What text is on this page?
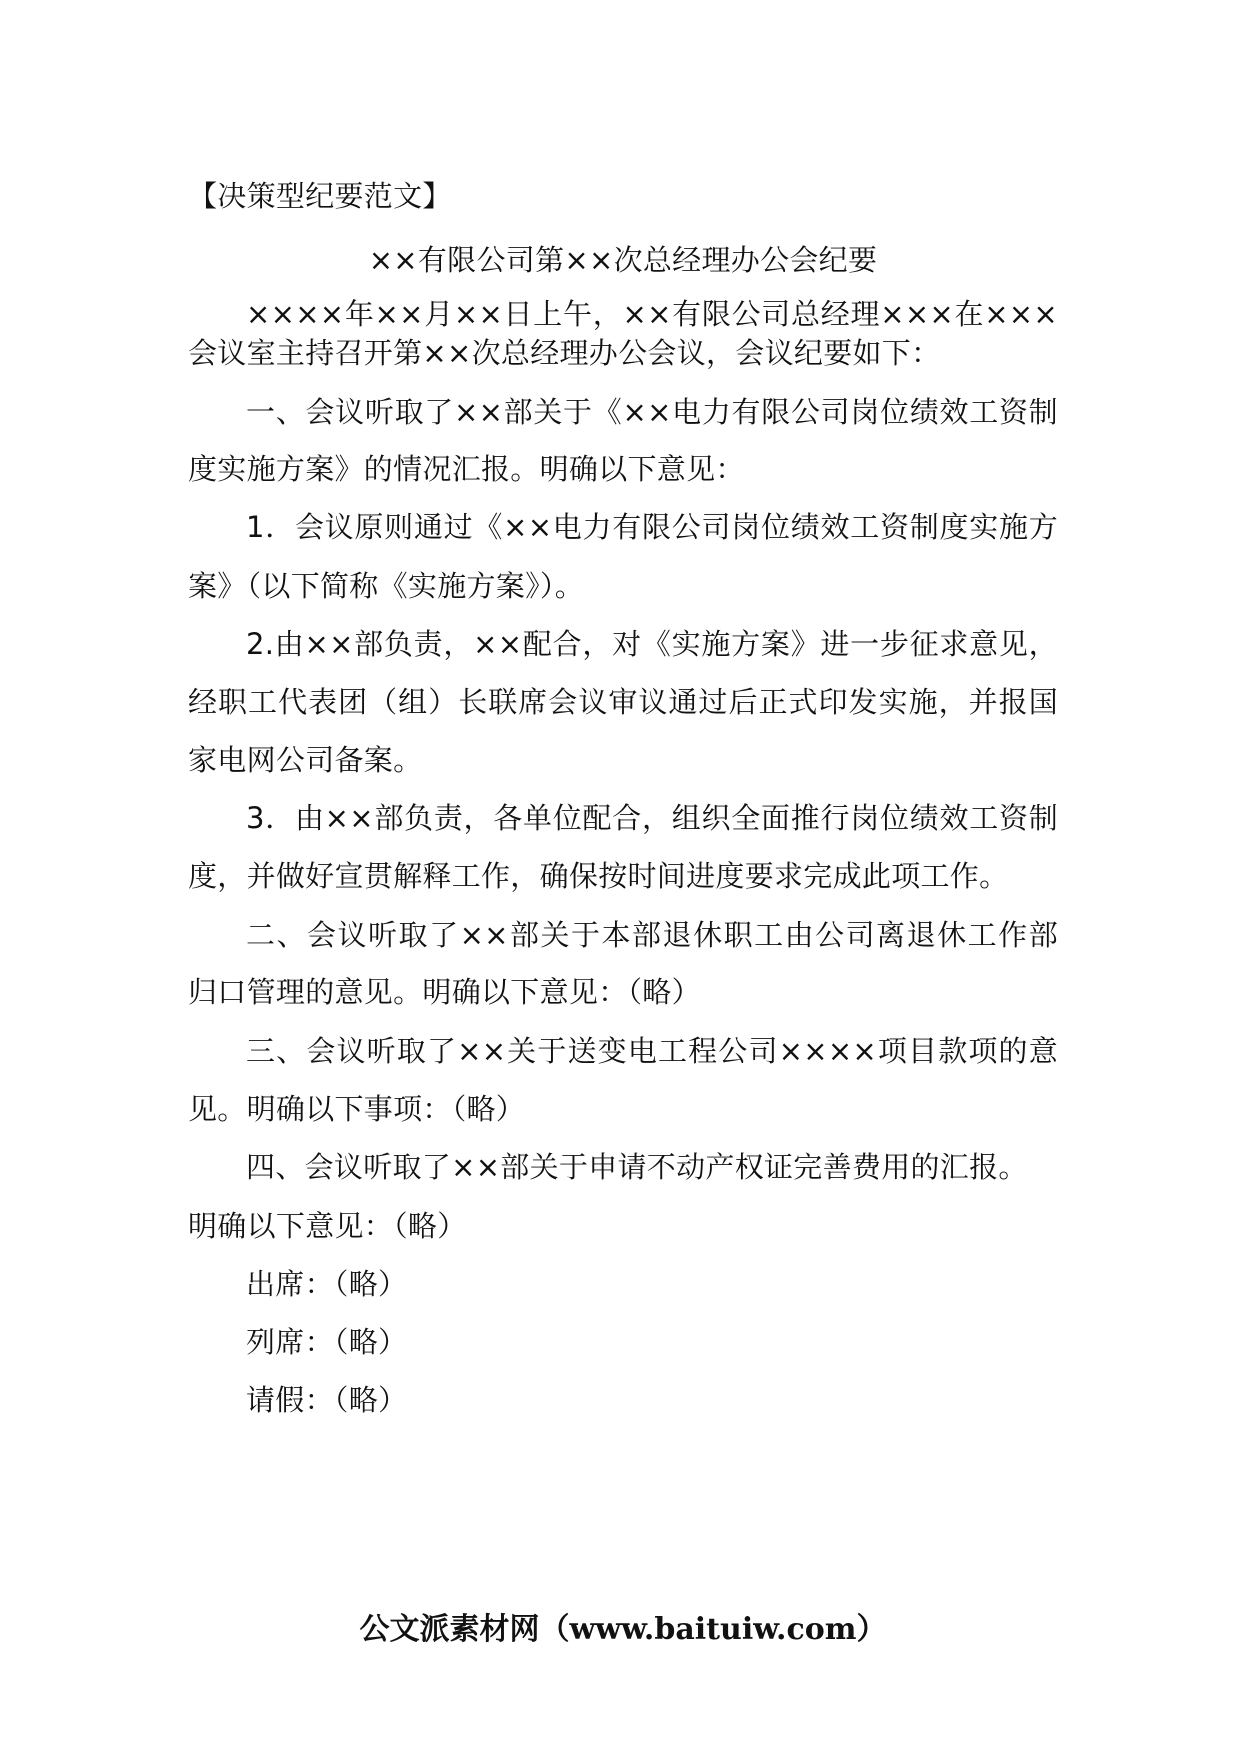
【决策型纪要范文】
××有限公司第××次总经理办公会纪要
××××年××月××日上午，××有限公司总经理×××在×××
会议室主持召开第××次总经理办公会议，会议纪要如下：
一、会议听取了××部关于《××电力有限公司岗位绩效工资制
度实施方案》的情况汇报。明确以下意见：
1．会议原则通过《××电力有限公司岗位绩效工资制度实施方
案》（以下简称《实施方案》）。
2.由××部负责，××配合，对《实施方案》进一步征求意见，
经职工代表团（组）长联席会议审议通过后正式印发实施，并报国
家电网公司备案。
3．由××部负责，各单位配合，组织全面推行岗位绩效工资制
度，并做好宣贯解释工作，确保按时间进度要求完成此项工作。
二、会议听取了××部关于本部退休职工由公司离退休工作部
归口管理的意见。明确以下意见：（略）
三、会议听取了××关于送变电工程公司××××项目款项的意
见。明确以下事项：（略）
四、会议听取了××部关于申请不动产权证完善费用的汇报。
明确以下意见：（略）
出席：（略）
列席：（略）
请假：（略）
公文派素材网（www.baituiw.com）
